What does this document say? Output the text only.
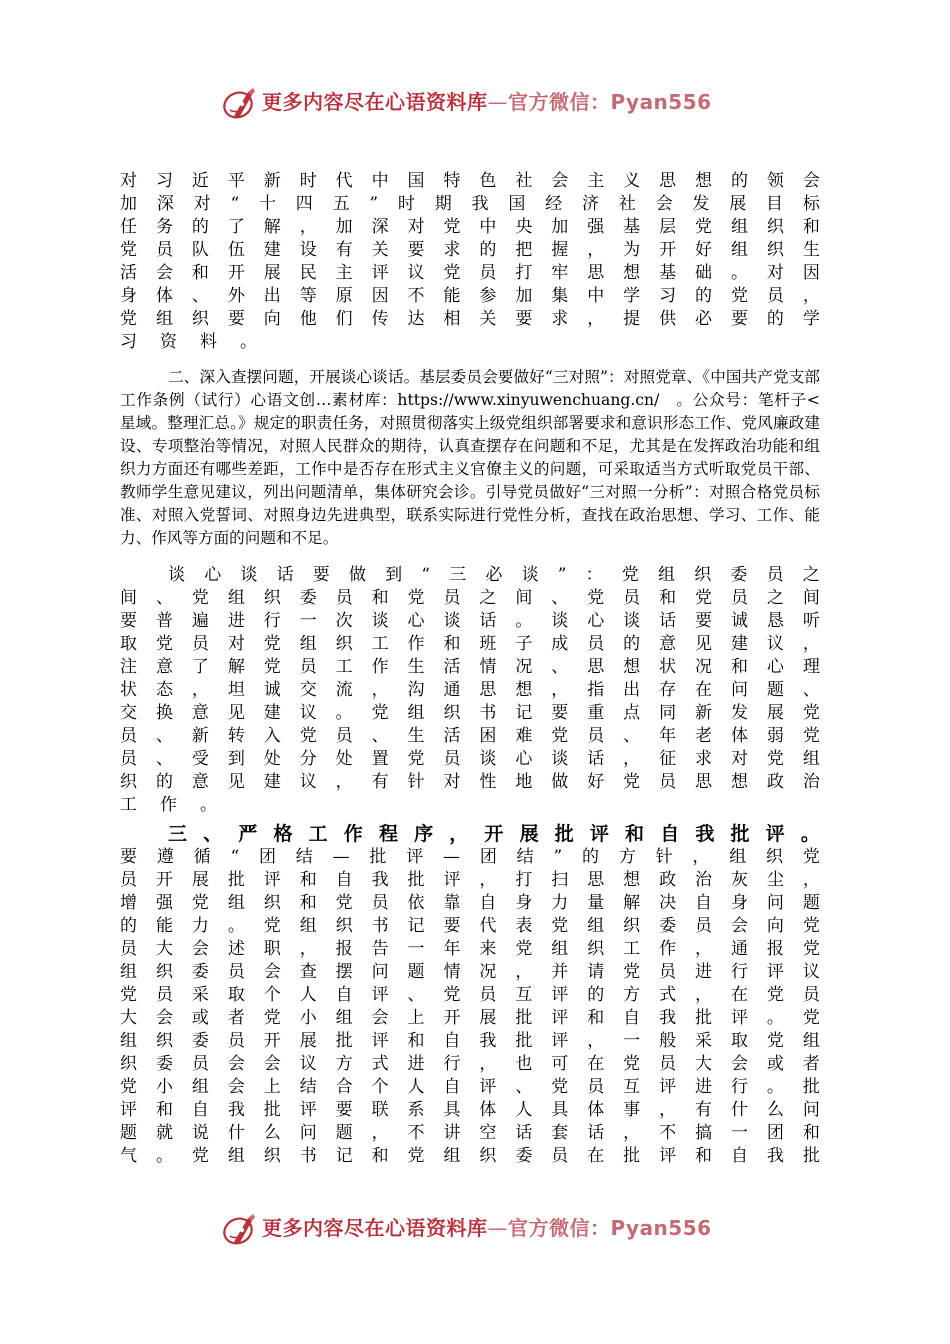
更多内容尽在心语资料库—官方微信：Pyan556
对 习 近 平 新 时 代 中 国 特 色 社 会 主 义 思 想 的 领 会
加 深 对 “ 十 四 五 ” 时 期 我 国 经 济 社 会 发 展 目 标
任 务 的 了 解 ， 加 深 对 党 中 央 加 强 基 层 党 组 织 和
党 员 队 伍 建 设 有 关 要 求 的 把 握 ， 为 开 好 组 织 生
活 会 和 开 展 民 主 评 议 党 员 打 牢 思 想 基 础 。 对 因
身 体 、 外 出 等 原 因 不 能 参 加 集 中 学 习 的 党 员 ，
党 组 织 要 向 他 们 传 达 相 关 要 求 ， 提 供 必 要 的 学
习 资 料 。
二、深入查摆问题，开展谈心谈话。基层委员会要做好“三对照”：对照党章、《中国共产党支部工作条例（试行）心语文创…素材库：https://www.xinyuwenchuang.cn/　。公众号：笔杆子< 星域。整理汇总。》规定的职责任务，对照贯彻落实上级党组织部署要求和意识形态工作、党风廉政建设、专项整治等情况，对照人民群众的期待，认真查摆存在问题和不足，尤其是在发挥政治功能和组织力方面还有哪些差距，工作中是否存在形式主义官僚主义的问题，可采取适当方式听取党员干部、教师学生意见建议，列出问题清单，集体研究会诊。引导党员做好“三对照一分析”：对照合格党员标准、对照入党誓词、对照身边先进典型，联系实际进行党性分析，查找在政治思想、学习、工作、能力、作风等方面的问题和不足。
谈 心 谈 话 要 做 到 “ 三 必 谈 ” ： 党 组 织 委 员 之
间 、 党 组 织 委 员 和 党 员 之 间 、 党 员 和 党 员 之 间
要 普 遍 进 行 一 次 谈 心 谈 话 。 谈 心 谈 话 要 诚 恳 听
取 党 员 对 党 组 织 工 作 和 班 子 成 员 的 意 见 建 议 ，
注 意 了 解 党 员 工 作 生 活 情 况 、 思 想 状 况 和 心 理
状 态 ， 坦 诚 交 流 ， 沟 通 思 想 ， 指 出 存 在 问 题 、
交 换 意 见 建 议 。 党 组 织 书 记 要 重 点 同 新 发 展 党
员 、 新 转 入 党 员 、 生 活 困 难 党 员 、 年 老 体 弱 党
员 、 受 到 处 分 处 置 党 员 谈 心 谈 话 ， 征 求 对 党 组
织 的 意 见 建 议 ， 有 针 对 性 地 做 好 党 员 思 想 政 治
工 作 。
三 、 严 格 工 作 程 序 ， 开 展 批 评 和 自 我 批 评 。
要 遵 循 “ 团 结 — 批 评 — 团 结 ” 的 方 针 ， 组 织 党
员 开 展 批 评 和 自 我 批 评 ， 打 扫 思 想 政 治 灰 尘 ，
增 强 党 组 织 和 党 员 依 靠 自 身 力 量 解 决 自 身 问 题
的 能 力 。 党 组 织 书 记 要 代 表 党 组 织 委 员 会 向 党
员 大 会 述 职 ， 报 告 一 年 来 党 组 织 工 作 ， 通 报 党
组 织 委 员 会 查 摆 问 题 情 况 ， 并 请 党 员 进 行 评 议
党 员 采 取 个 人 自 评 、 党 员 互 评 的 方 式 ， 在 党 员
大 会 或 者 党 小 组 会 上 开 展 批 评 和 自 我 批 评 。 党
组 织 委 员 开 展 批 评 和 自 我 批 评 ， 一 般 采 取 党 组
织 委 员 会 会 议 方 式 进 行 ， 也 可 在 党 员 大 会 或 者
党 小 组 会 上 结 合 个 人 自 评 、 党 员 互 评 进 行 。 批
评 和 自 我 批 评 要 联 系 具 体 人 具 体 事 ， 有 什 么 问
题 就 说 什 么 问 题 ， 不 讲 空 话 套 话 ， 不 搞 一 团 和
气 。 党 组 织 书 记 和 党 组 织 委 员 在 批 评 和 自 我 批
更多内容尽在心语资料库—官方微信：Pyan556
